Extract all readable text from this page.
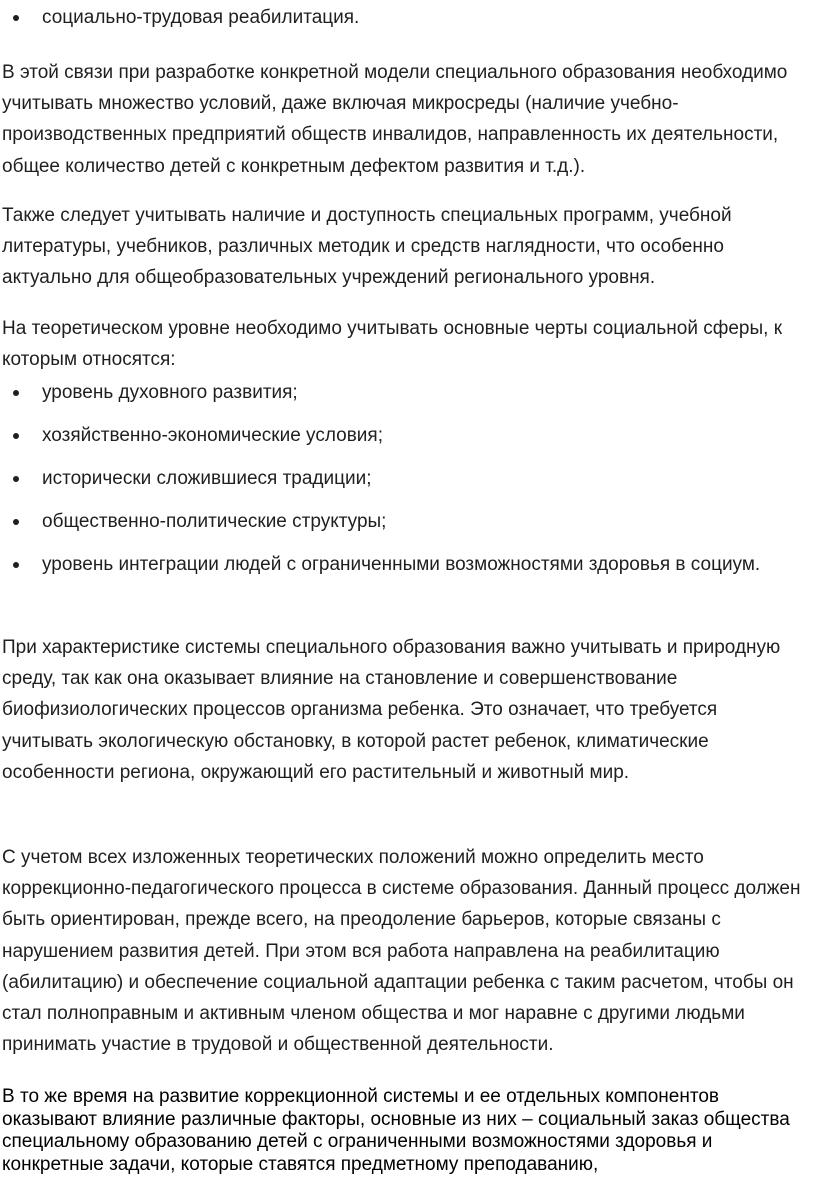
социально-трудовая реабилитация.

В этой связи при разработке конкретной модели специального образования необходимо учитывать множество условий, даже включая микросреды (наличие учебно-производственных предприятий обществ инвалидов, направленность их деятельности, общее количество детей с конкретным дефектом развития и т.д.).

Также следует учитывать наличие и доступность специальных программ, учебной литературы, учебников, различных методик и средств наглядности, что особенно актуально для общеобразовательных учреждений регионального уровня.

На теоретическом уровне необходимо учитывать основные черты социальной сферы, к которым относятся:

уровень духовного развития;
хозяйственно-экономические условия;
исторически сложившиеся традиции;
общественно-политические структуры;
уровень интеграции людей с ограниченными возможностями здоровья в социум.

При характеристике системы специального образования важно учитывать и природную среду, так как она оказывает влияние на становление и совершенствование биофизиологических процессов организма ребенка. Это означает, что требуется учитывать экологическую обстановку, в которой растет ребенок, климатические особенности региона, окружающий его растительный и животный мир.

С учетом всех изложенных теоретических положений можно определить место коррекционно-педагогического процесса в системе образования. Данный процесс должен быть ориентирован, прежде всего, на преодоление барьеров, которые связаны с нарушением развития детей. При этом вся работа направлена на реабилитацию (абилитацию) и обеспечение социальной адаптации ребенка с таким расчетом, чтобы он стал полноправным и активным членом общества и мог наравне с другими людьми принимать участие в трудовой и общественной деятельности.

В то же время на развитие коррекционной системы и ее отдельных компонентов оказывают влияние различные факторы, основные из них – социальный заказ общества специальному образованию детей с ограниченными возможностями здоровья и конкретные задачи, которые ставятся предметному преподаванию,
